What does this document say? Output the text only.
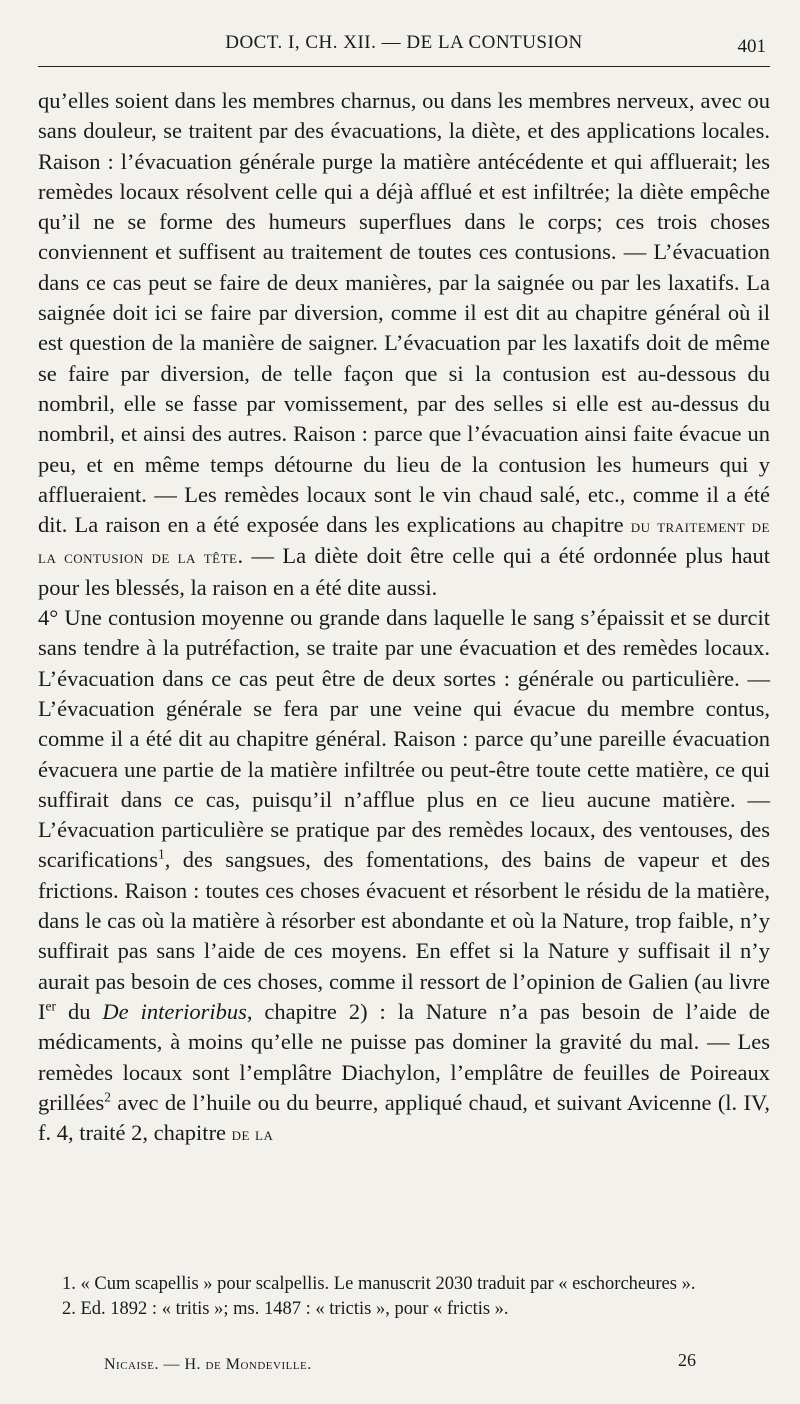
DOCT. I, CH. XII. — DE LA CONTUSION	401

qu’elles soient dans les membres charnus, ou dans les membres nerveux, avec ou sans douleur, se traitent par des évacuations, la diète, et des applications locales. Raison : l’évacuation générale purge la matière antécédente et qui affluerait; les remèdes locaux résolvent celle qui a déjà afflué et est infiltrée; la diète empêche qu’il ne se forme des humeurs superflues dans le corps; ces trois choses conviennent et suffisent au traitement de toutes ces contusions. — L’évacuation dans ce cas peut se faire de deux manières, par la saignée ou par les laxatifs. La saignée doit ici se faire par diversion, comme il est dit au chapitre général où il est question de la manière de saigner. L’évacuation par les laxatifs doit de même se faire par diversion, de telle façon que si la contusion est au-dessous du nombril, elle se fasse par vomissement, par des selles si elle est au-dessus du nombril, et ainsi des autres. Raison : parce que l’évacuation ainsi faite évacue un peu, et en même temps détourne du lieu de la contusion les humeurs qui y afflueraient. — Les remèdes locaux sont le vin chaud salé, etc., comme il a été dit. La raison en a été exposée dans les explications au chapitre du traitement de la contusion de la tête. — La diète doit être celle qui a été ordonnée plus haut pour les blessés, la raison en a été dite aussi.

4° Une contusion moyenne ou grande dans laquelle le sang s’épaissit et se durcit sans tendre à la putréfaction, se traite par une évacuation et des remèdes locaux. L’évacuation dans ce cas peut être de deux sortes : générale ou particulière. — L’évacuation générale se fera par une veine qui évacue du membre contus, comme il a été dit au chapitre général. Raison : parce qu’une pareille évacuation évacuera une partie de la matière infiltrée ou peut-être toute cette matière, ce qui suffirait dans ce cas, puisqu’il n’afflue plus en ce lieu aucune matière. — L’évacuation particulière se pratique par des remèdes locaux, des ventouses, des scarifications$^1$, des sangsues, des fomentations, des bains de vapeur et des frictions. Raison : toutes ces choses évacuent et résorbent le résidu de la matière, dans le cas où la matière à résorber est abondante et où la Nature, trop faible, n’y suffirait pas sans l’aide de ces moyens. En effet si la Nature y suffisait il n’y aurait pas besoin de ces choses, comme il ressort de l’opinion de Galien (au livre Ier du De interioribus, chapitre 2) : la Nature n’a pas besoin de l’aide de médicaments, à moins qu’elle ne puisse pas dominer la gravité du mal. — Les remèdes locaux sont l’emplâtre Diachylon, l’emplâtre de feuilles de Poireaux grillées$^2$ avec de l’huile ou du beurre, appliqué chaud, et suivant Avicenne (l. IV, f. 4, traité 2, chapitre de la

1. « Cum scapellis » pour scalpellis. Le manuscrit 2030 traduit par « eschorcheures ».

2. Ed. 1892 : « tritis »; ms. 1487 : « trictis », pour « frictis ».

Nicaise. — H. de Mondeville.	26
